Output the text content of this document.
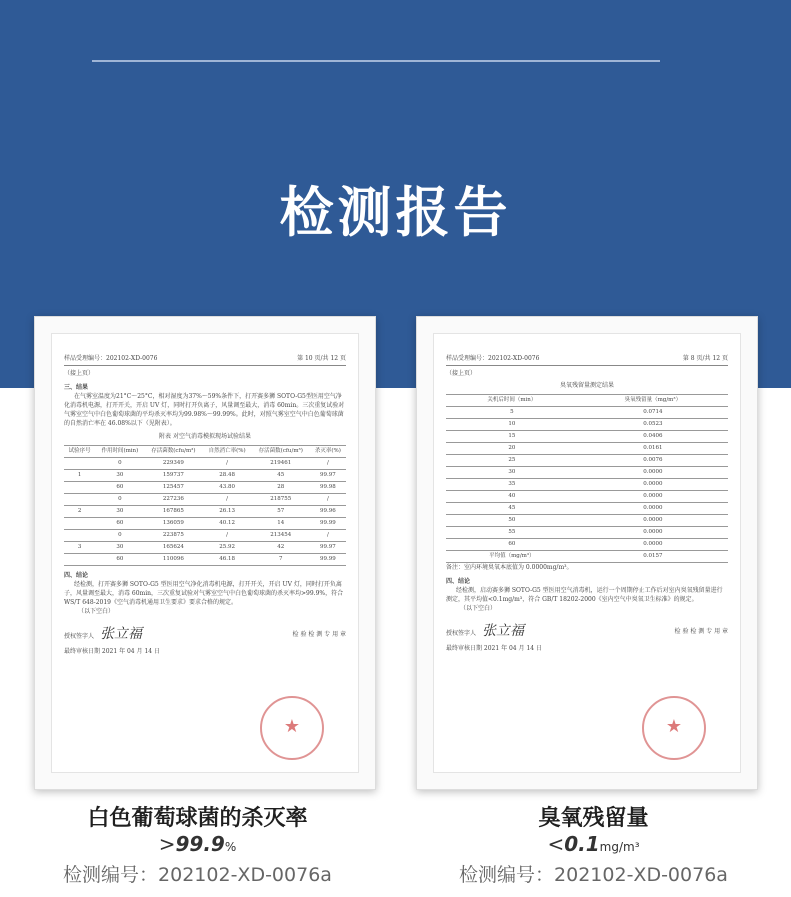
检测报告
样品受理编号：202102-XD-0076	第 10 页/共 12 页
（接上页）
三、结果
在气雾室温度为21°C～25°C，相对湿度为37%～59%条件下，打开赛多狮 SOTO-G5型医用空气净化消毒机电源，打开开关，开启 UV 灯，同时打开负离子，风量调至最大，消毒 60min。三次重复试验对气雾室空气中白色葡萄球菌的平均杀灭率均为99.98%～99.99%。此时，对照气雾室空气中白色葡萄球菌的自然消亡率在 46.08%以下（见附表）。
附表 对空气消毒模拟现场试验结果
试验序号	作用时间(min)	存活菌数(cfu/m³)	自然消亡率(%)	存活菌数(cfu/m³)	杀灭率(%)
	0	229349	/	219461	/
1	30	159737	28.48	45	99.97
	60	125457	43.80	28	99.98
	0	227236	/	218755	/
2	30	167865	26.13	57	99.96
	60	136059	40.12	14	99.99
	0	223875	/	213454	/
3	30	165624	25.92	42	99.97
	60	110096	46.18	7	99.99
四、结论
经检测，打开赛多狮 SOTO-G5 型医用空气净化消毒机电源，打开开关，开启 UV 灯，同时打开负离子，风量调至最大，消毒 60min，三次重复试验对气雾室空气中白色葡萄球菌的杀灭率均>99.9%，符合 WS/T 648-2019《空气消毒机通用卫生要求》要求合格的规定。
（以下空白）
授权签字人 张立福	检 验 检 测 专 用 章
最终审核日期 2021 年 04 月 14 日
★
样品受理编号：202102-XD-0076	第 8 页/共 12 页
（接上页）
臭氧残留量测定结果
关机后时间（min）	臭氧残留量（mg/m³）
5	0.0714
10	0.0523
15	0.0406
20	0.0161
25	0.0076
30	0.0000
35	0.0000
40	0.0000
45	0.0000
50	0.0000
55	0.0000
60	0.0000
平均值（mg/m³）	0.0157
备注：室内环境臭氧本底值为 0.0000mg/m³。
四、结论
经检测，启动赛多狮 SOTO-G5 型医用空气消毒机，运行一个周期停止工作后对室内臭氧残留量进行测定，其平均值<0.1mg/m³，符合 GB/T 18202-2000《室内空气中臭氧卫生标准》的规定。
（以下空白）
授权签字人 张立福	检 验 检 测 专 用 章
最终审核日期 2021 年 04 月 14 日
★
白色葡萄球菌的杀灭率
>99.9%
检测编号：202102-XD-0076a
臭氧残留量
<0.1mg/m³
检测编号：202102-XD-0076a
